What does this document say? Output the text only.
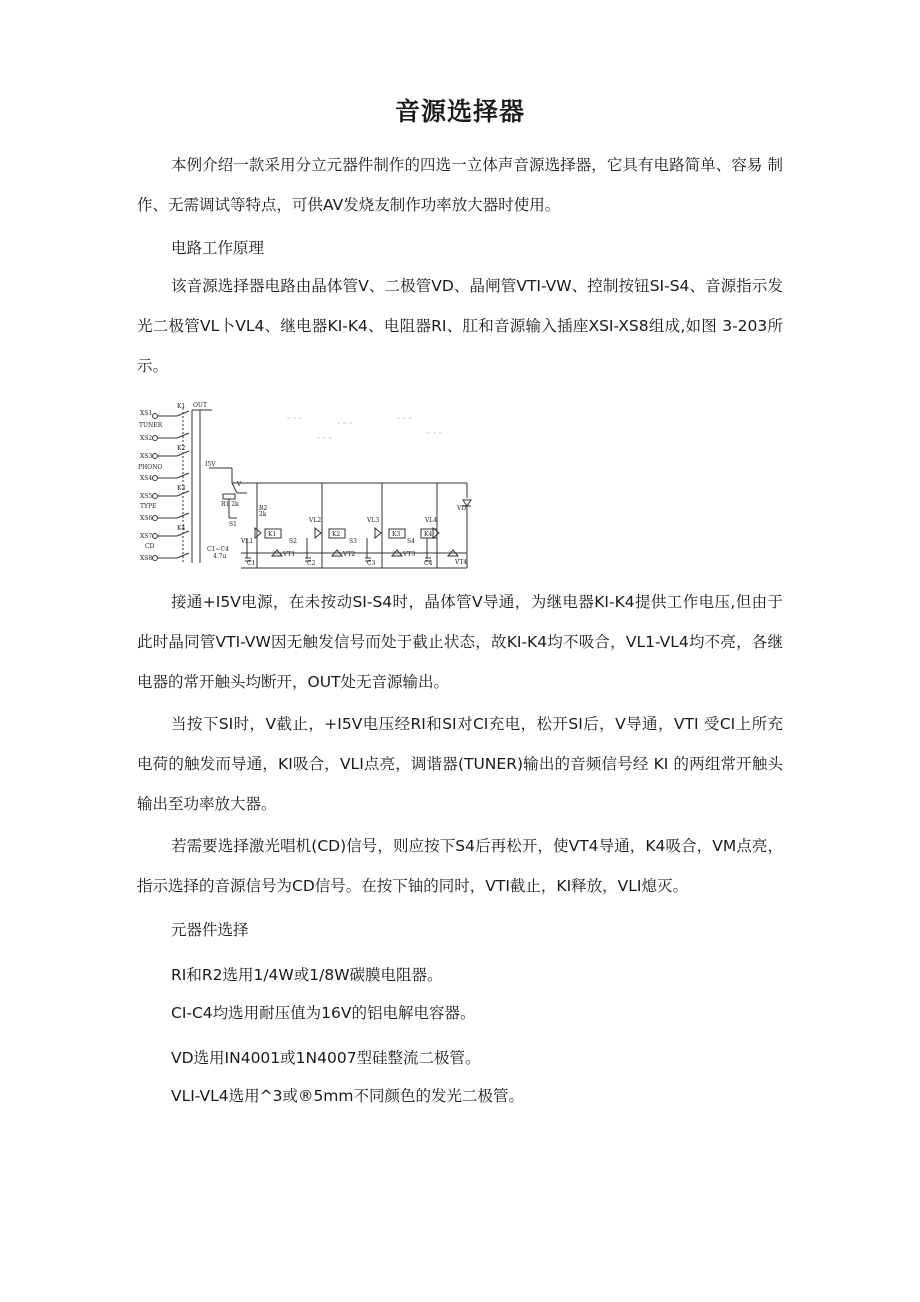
音源选择器

本例介绍一款采用分立元器件制作的四选一立体声音源选择器，它具有电路简单、容易 制作、无需调试等特点，可供AV发烧友制作功率放大器时使用。

电路工作原理

该音源选择器电路由晶体管V、二极管VD、晶闸管VTI-VW、控制按钮SI-S4、音源指示发光二极管VL卜VL4、继电器KI-K4、电阻器RI、肛和音源输入插座XSI-XS8组成,如图 3-203所示。

XS1
TUNER
XS2
XS3
PHONO
XS4
XS5
TYPE
XS6
XS7
CD
XS8
K1
K2
K3
K4
OUT
I5V
V
R1 2k
R2
2k
S1
S2	S3	S4
VL1
VL2	VL3	VL4
K1	K2	K3	K4
VT1	VT2	VT3
VT4
C1	C2	C3	C4
C1~C4
4.7u
VD

接通+I5V电源，在未按动SI-S4时，晶体管V导通，为继电器KI-K4提供工作电压,但由于此时晶同管VTI-VW因无触发信号而处于截止状态，故KI-K4均不吸合，VL1-VL4均不亮，各继电器的常开触头均断开，OUT处无音源输出。

当按下SI时，V截止，+I5V电压经RI和SI对CI充电，松开SI后，V导通，VTI 受CI上所充电荷的触发而导通，KI吸合，VLI点亮，调谐器(TUNER)输出的音频信号经 KI 的两组常开触头输出至功率放大器。

若需要选择激光唱机(CD)信号，则应按下S4后再松开，使VT4导通，K4吸合，VM点亮，指示选择的音源信号为CD信号。在按下铀的同时，VTI截止，KI释放，VLI熄灭。

元器件选择

RI和R2选用1/4W或1/8W碳膜电阻器。

CI-C4均选用耐压值为16V的铝电解电容器。

VD选用IN4001或1N4007型硅整流二极管。

VLI-VL4选用^3或®5mm不同颜色的发光二极管。
